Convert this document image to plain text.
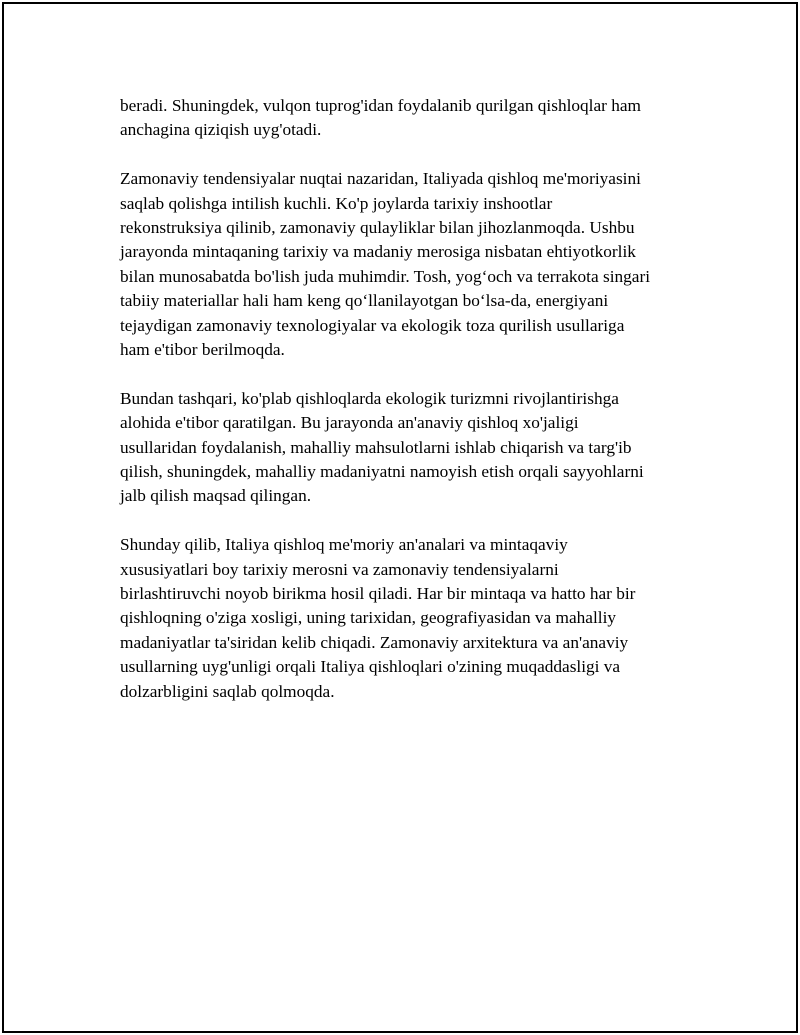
beradi. Shuningdek, vulqon tuprog'idan foydalanib qurilgan qishloqlar ham
anchagina qiziqish uyg'otadi.

Zamonaviy tendensiyalar nuqtai nazaridan, Italiyada qishloq me'moriyasini
saqlab qolishga intilish kuchli. Ko'p joylarda tarixiy inshootlar
rekonstruksiya qilinib, zamonaviy qulayliklar bilan jihozlanmoqda. Ushbu
jarayonda mintaqaning tarixiy va madaniy merosiga nisbatan ehtiyotkorlik
bilan munosabatda bo'lish juda muhimdir. Tosh, yog‘och va terrakota singari
tabiiy materiallar hali ham keng qo‘llanilayotgan bo‘lsa-da, energiyani
tejaydigan zamonaviy texnologiyalar va ekologik toza qurilish usullariga
ham e'tibor berilmoqda.

Bundan tashqari, ko'plab qishloqlarda ekologik turizmni rivojlantirishga
alohida e'tibor qaratilgan. Bu jarayonda an'anaviy qishloq xo'jaligi
usullaridan foydalanish, mahalliy mahsulotlarni ishlab chiqarish va targ'ib
qilish, shuningdek, mahalliy madaniyatni namoyish etish orqali sayyohlarni
jalb qilish maqsad qilingan.

Shunday qilib, Italiya qishloq me'moriy an'analari va mintaqaviy
xususiyatlari boy tarixiy merosni va zamonaviy tendensiyalarni
birlashtiruvchi noyob birikma hosil qiladi. Har bir mintaqa va hatto har bir
qishloqning o'ziga xosligi, uning tarixidan, geografiyasidan va mahalliy
madaniyatlar ta'siridan kelib chiqadi. Zamonaviy arxitektura va an'anaviy
usullarning uyg'unligi orqali Italiya qishloqlari o'zining muqaddasligi va
dolzarbligini saqlab qolmoqda.
